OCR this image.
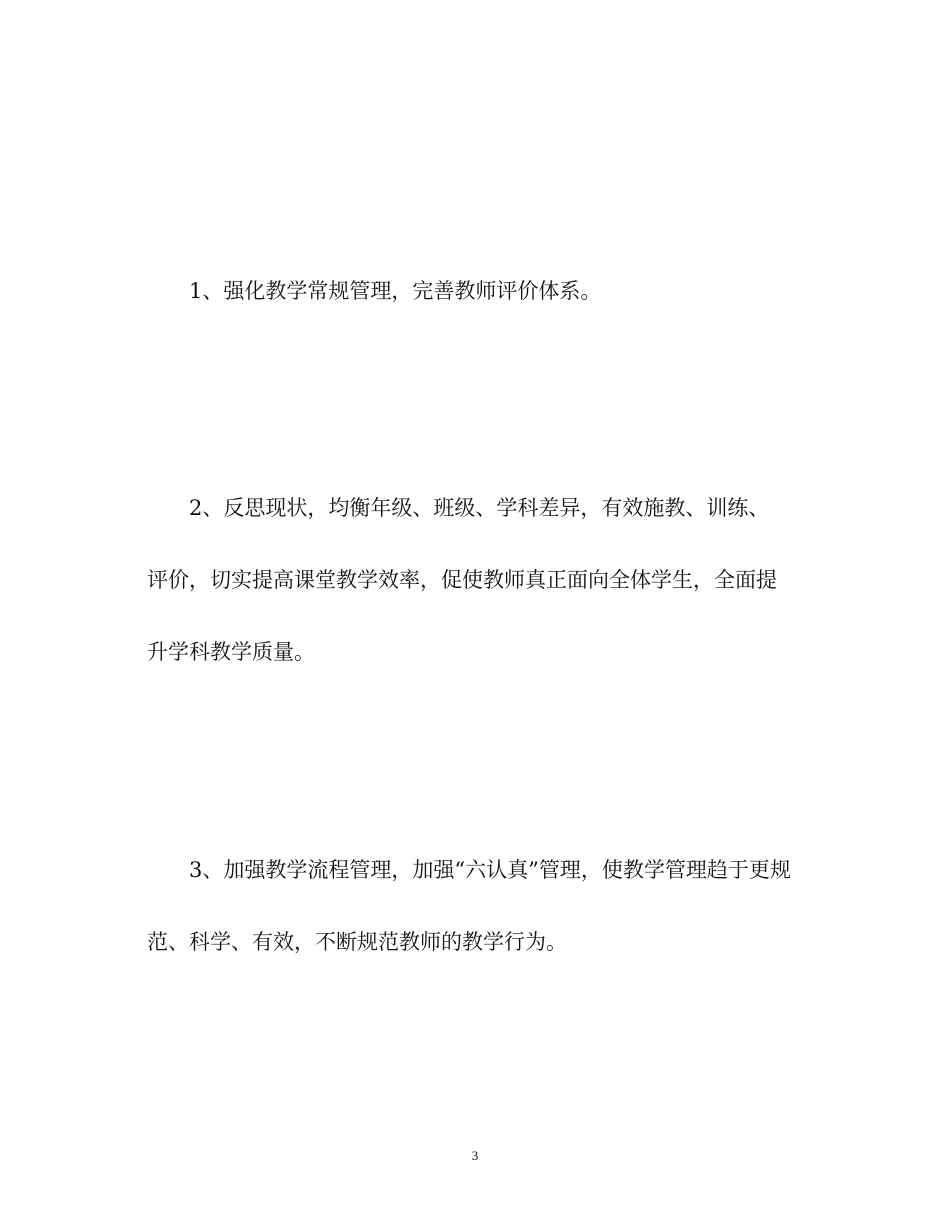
1、强化教学常规管理，完善教师评价体系。
2、反思现状，均衡年级、班级、学科差异，有效施教、训练、
评价，切实提高课堂教学效率，促使教师真正面向全体学生，全面提
升学科教学质量。
3、加强教学流程管理，加强“六认真”管理，使教学管理趋于更规
范、科学、有效，不断规范教师的教学行为。
3
